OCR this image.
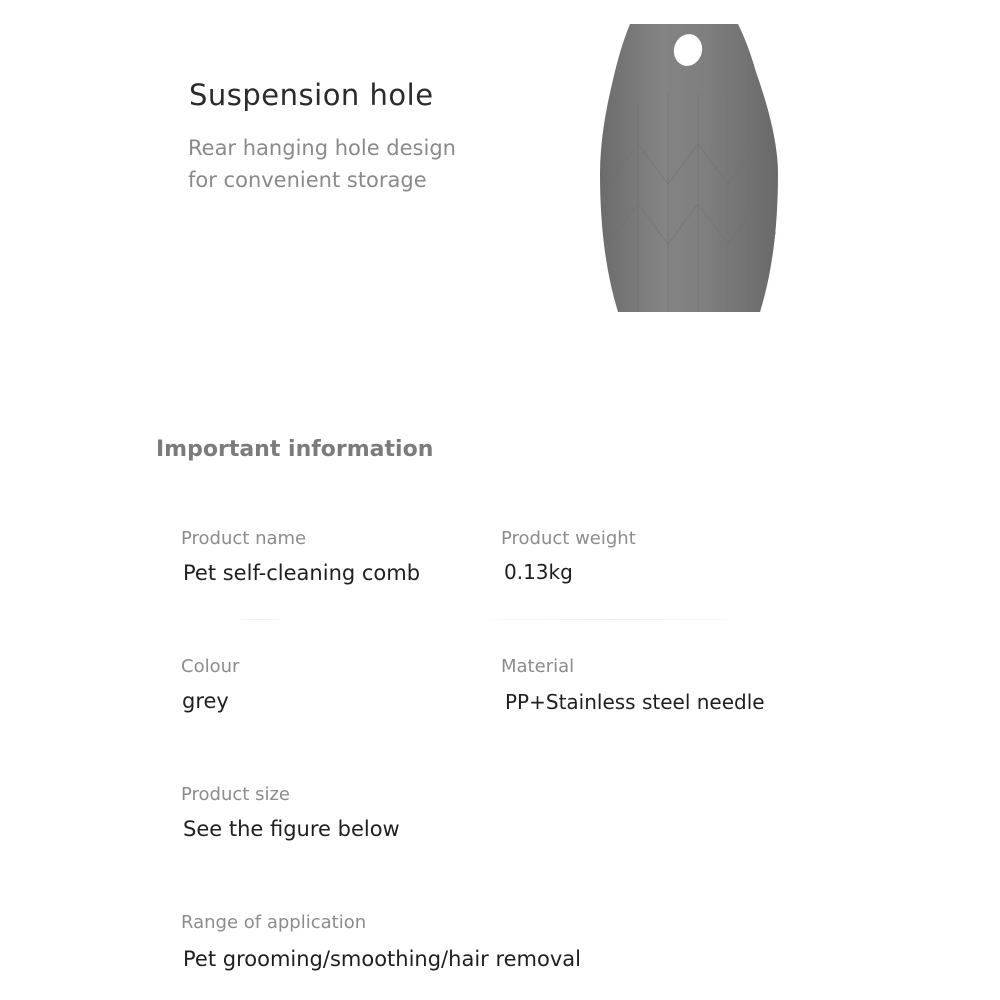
Suspension hole
Rear hanging hole design for convenient storage
Important information
Product name
Pet self-cleaning comb
Product weight
0.13kg
Colour
grey
Material
PP+Stainless steel needle
Product size
See the figure below
Range of application
Pet grooming/smoothing/hair removal
